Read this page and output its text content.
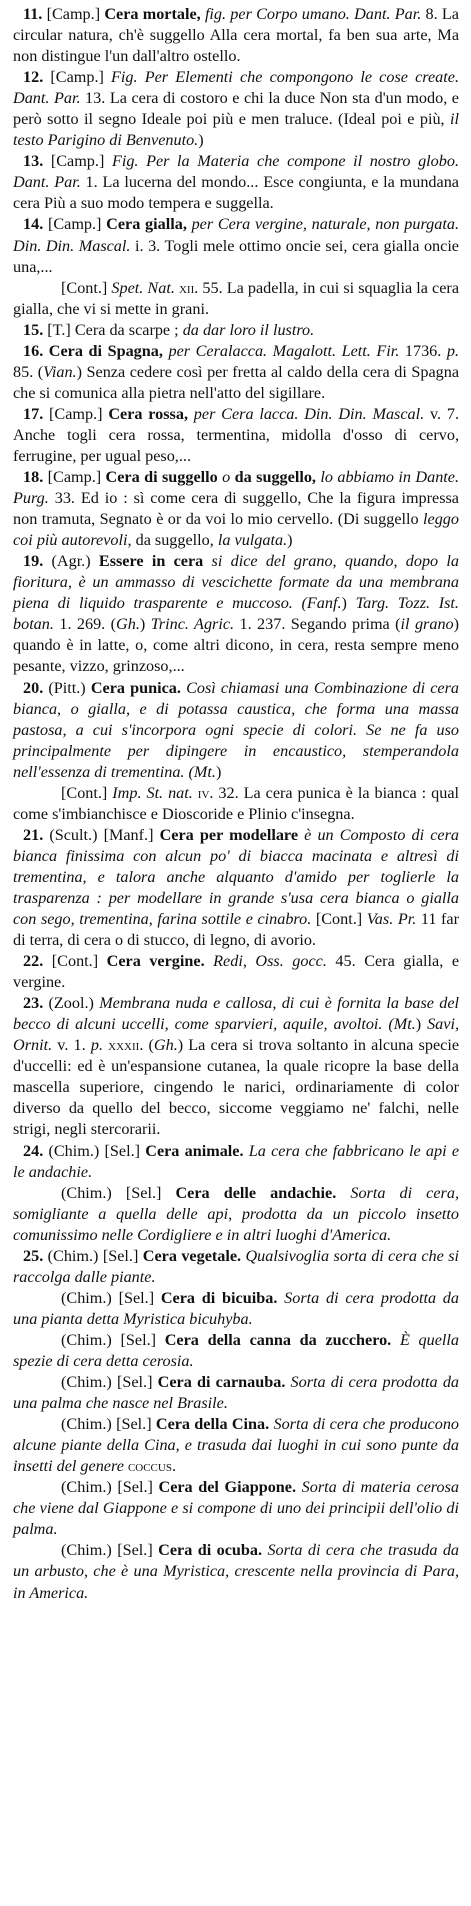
11. [Camp.] Cera mortale, fig. per Corpo umano. Dant. Par. 8. La circular natura, ch'è suggello Alla cera mortal, fa ben sua arte, Ma non distingue l'un dall'altro ostello.

12. [Camp.] Fig. Per Elementi che compongono le cose create. Dant. Par. 13. La cera di costoro e chi la duce Non sta d'un modo, e però sotto il segno Ideale poi più e men traluce. (Ideal poi e più, il testo Parigino di Benvenuto.)

13. [Camp.] Fig. Per la Materia che compone il nostro globo. Dant. Par. 1. La lucerna del mondo... Esce congiunta, e la mundana cera Più a suo modo tempera e suggella.

14. [Camp.] Cera gialla, per Cera vergine, naturale, non purgata. Din. Din. Mascal. i. 3. Togli mele ottimo oncie sei, cera gialla oncie una,...

[Cont.] Spet. Nat. xii. 55. La padella, in cui si squaglia la cera gialla, che vi si mette in grani.

15. [T.] Cera da scarpe ; da dar loro il lustro.

16. Cera di Spagna, per Ceralacca. Magalott. Lett. Fir. 1736. p. 85. (Vian.) Senza cedere così per fretta al caldo della cera di Spagna che si comunica alla pietra nell'atto del sigillare.

17. [Camp.] Cera rossa, per Cera lacca. Din. Din. Mascal. v. 7. Anche togli cera rossa, termentina, midolla d'osso di cervo, ferrugine, per ugual peso,...

18. [Camp.] Cera di suggello o da suggello, lo abbiamo in Dante. Purg. 33. Ed io : sì come cera di suggello, Che la figura impressa non tramuta, Segnato è or da voi lo mio cervello. (Di suggello leggo coi più autorevoli, da suggello, la vulgata.)

19. (Agr.) Essere in cera si dice del grano, quando, dopo la fioritura, è un ammasso di vescichette formate da una membrana piena di liquido trasparente e muccoso. (Fanf.) Targ. Tozz. Ist. botan. 1. 269. (Gh.) Trinc. Agric. 1. 237. Segando prima (il grano) quando è in latte, o, come altri dicono, in cera, resta sempre meno pesante, vizzo, grinzoso,...

20. (Pitt.) Cera punica. Così chiamasi una Combinazione di cera bianca, o gialla, e di potassa caustica, che forma una massa pastosa, a cui s'incorpora ogni specie di colori. Se ne fa uso principalmente per dipingere in encaustico, stemperandola nell'essenza di trementina. (Mt.)

[Cont.] Imp. St. nat. iv. 32. La cera punica è la bianca : qual come s'imbianchisce e Dioscoride e Plinio c'insegna.

21. (Scult.) [Manf.] Cera per modellare è un Composto di cera bianca finissima con alcun po' di biacca macinata e altresì di trementina, e talora anche alquanto d'amido per toglierle la trasparenza : per modellare in grande s'usa cera bianca o gialla con sego, trementina, farina sottile e cinabro. [Cont.] Vas. Pr. 11 far di terra, di cera o di stucco, di legno, di avorio.

22. [Cont.] Cera vergine. Redi, Oss. gocc. 45. Cera gialla, e vergine.

23. (Zool.) Membrana nuda e callosa, di cui è fornita la base del becco di alcuni uccelli, come sparvieri, aquile, avoltoi. (Mt.) Savi, Ornit. v. 1. p. xxxii. (Gh.) La cera si trova soltanto in alcuna specie d'uccelli: ed è un'espansione cutanea, la quale ricopre la base della mascella superiore, cingendo le narici, ordinariamente di color diverso da quello del becco, siccome veggiamo ne' falchi, nelle strigi, negli stercorarii.

24. (Chim.) [Sel.] Cera animale. La cera che fabbricano le api e le andachie.

(Chim.) [Sel.] Cera delle andachie. Sorta di cera, somigliante a quella delle api, prodotta da un piccolo insetto comunissimo nelle Cordigliere e in altri luoghi d'America.

25. (Chim.) [Sel.] Cera vegetale. Qualsivoglia sorta di cera che si raccolga dalle piante.

(Chim.) [Sel.] Cera di bicuiba. Sorta di cera prodotta da una pianta detta Myristica bicuhyba.

(Chim.) [Sel.] Cera della canna da zucchero. È quella spezie di cera detta cerosia.

(Chim.) [Sel.] Cera di carnauba. Sorta di cera prodotta da una palma che nasce nel Brasile.

(Chim.) [Sel.] Cera della Cina. Sorta di cera che producono alcune piante della Cina, e trasuda dai luoghi in cui sono punte da insetti del genere coccus.

(Chim.) [Sel.] Cera del Giappone. Sorta di materia cerosa che viene dal Giappone e si compone di uno dei principii dell'olio di palma.

(Chim.) [Sel.] Cera di ocuba. Sorta di cera che trasuda da un arbusto, che è una Myristica, crescente nella provincia di Para, in America.
